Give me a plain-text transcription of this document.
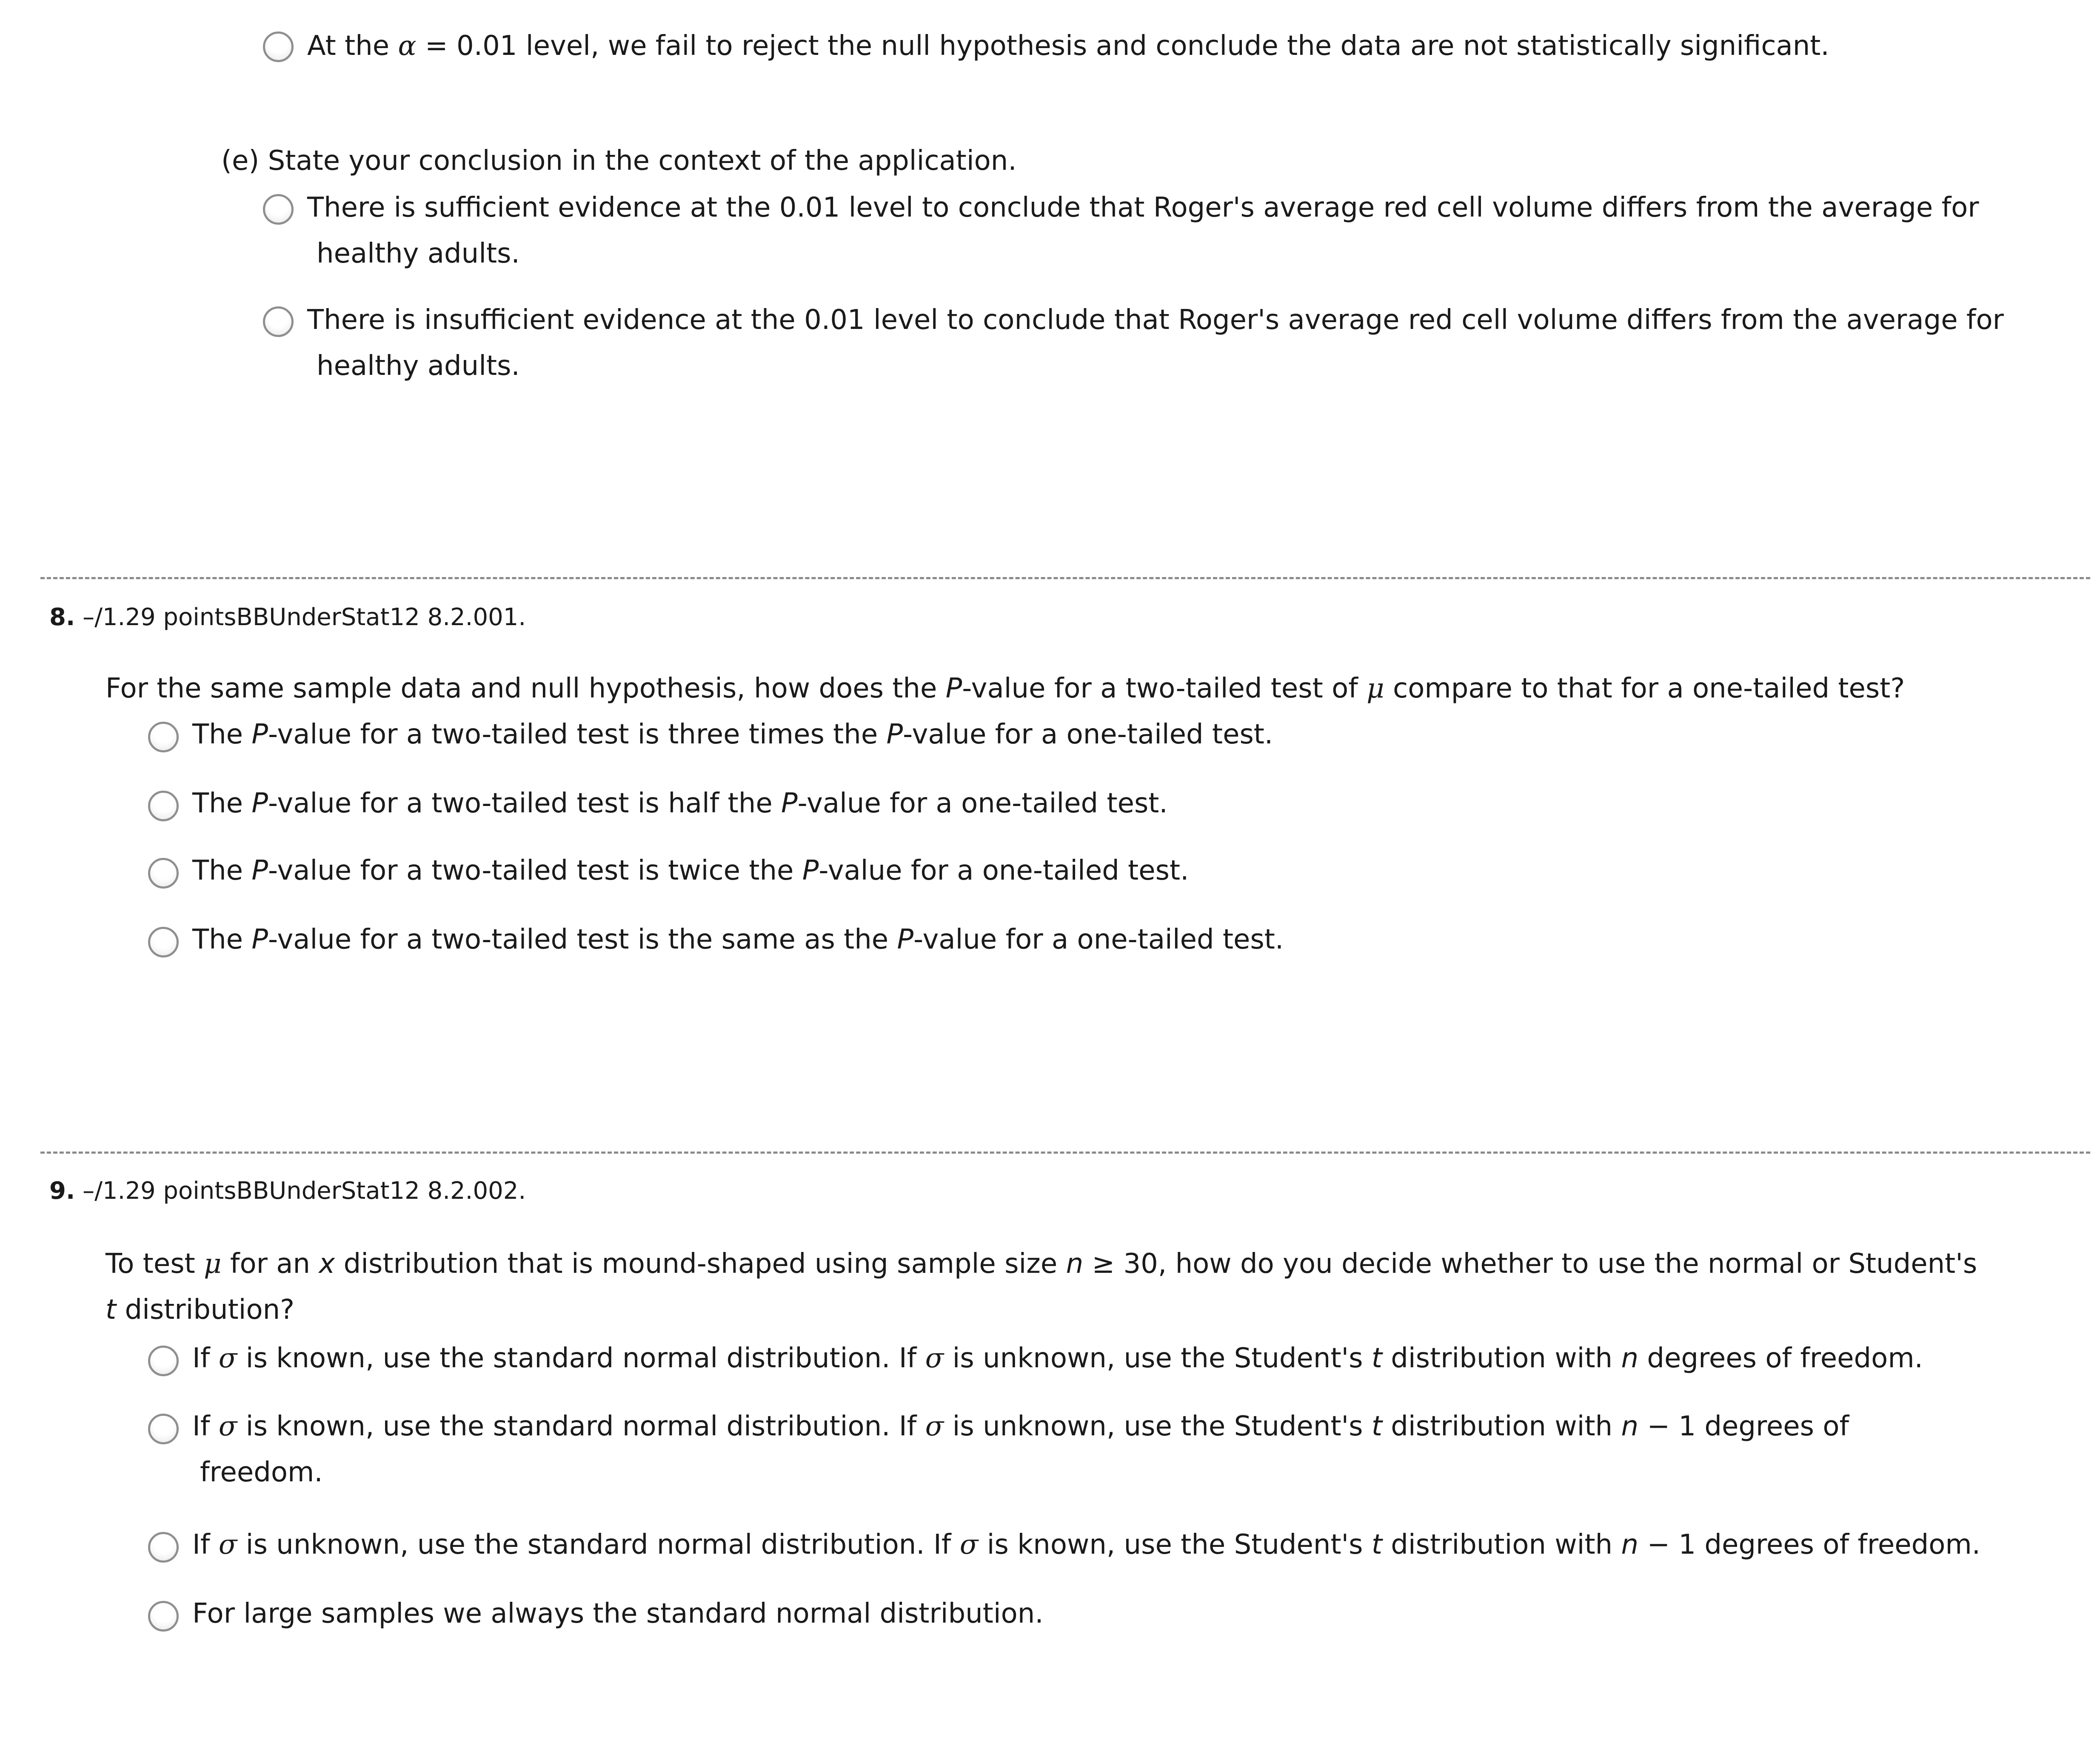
At the α = 0.01 level, we fail to reject the null hypothesis and conclude the data are not statistically significant.
(e) State your conclusion in the context of the application.
There is sufficient evidence at the 0.01 level to conclude that Roger's average red cell volume differs from the average for
healthy adults.
There is insufficient evidence at the 0.01 level to conclude that Roger's average red cell volume differs from the average for
healthy adults.
8. –/1.29 pointsBBUnderStat12 8.2.001.
For the same sample data and null hypothesis, how does the P-value for a two-tailed test of μ compare to that for a one-tailed test?
The P-value for a two-tailed test is three times the P-value for a one-tailed test.
The P-value for a two-tailed test is half the P-value for a one-tailed test.
The P-value for a two-tailed test is twice the P-value for a one-tailed test.
The P-value for a two-tailed test is the same as the P-value for a one-tailed test.
9. –/1.29 pointsBBUnderStat12 8.2.002.
To test μ for an x distribution that is mound-shaped using sample size n ≥ 30, how do you decide whether to use the normal or Student's
t distribution?
If σ is known, use the standard normal distribution. If σ is unknown, use the Student's t distribution with n degrees of freedom.
If σ is known, use the standard normal distribution. If σ is unknown, use the Student's t distribution with n − 1 degrees of
freedom.
If σ is unknown, use the standard normal distribution. If σ is known, use the Student's t distribution with n − 1 degrees of freedom.
For large samples we always the standard normal distribution.
